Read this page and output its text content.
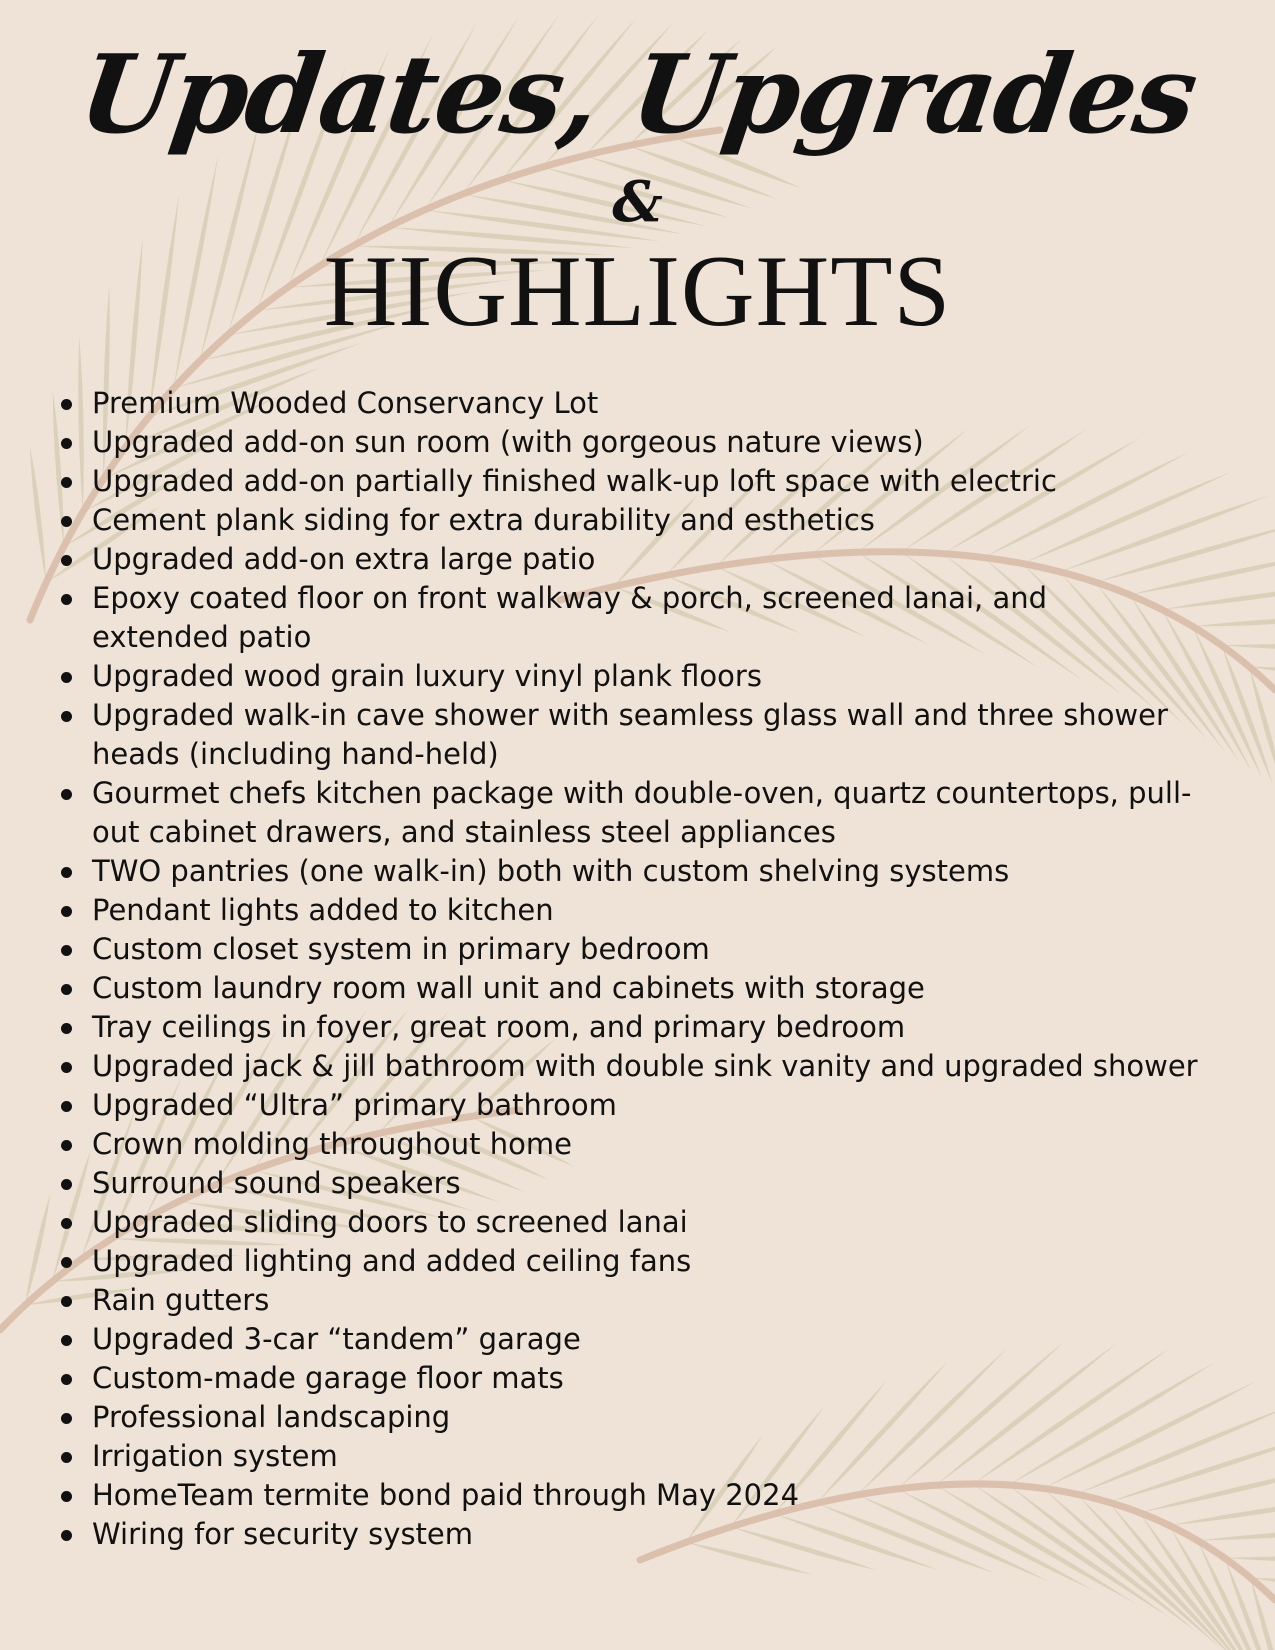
Updates, Upgrades
&
HIGHLIGHTS
Premium Wooded Conservancy Lot
Upgraded add-on sun room (with gorgeous nature views)
Upgraded add-on partially finished walk-up loft space with electric
Cement plank siding for extra durability and esthetics
Upgraded add-on extra large patio
Epoxy coated floor on front walkway & porch, screened lanai, and extended patio
Upgraded wood grain luxury vinyl plank floors
Upgraded walk-in cave shower with seamless glass wall and three shower heads (including hand-held)
Gourmet chefs kitchen package with double-oven, quartz countertops, pull-out cabinet drawers, and stainless steel appliances
TWO pantries (one walk-in) both with custom shelving systems
Pendant lights added to kitchen
Custom closet system in primary bedroom
Custom laundry room wall unit and cabinets with storage
Tray ceilings in foyer, great room, and primary bedroom
Upgraded jack & jill bathroom with double sink vanity and upgraded shower
Upgraded “Ultra” primary bathroom
Crown molding throughout home
Surround sound speakers
Upgraded sliding doors to screened lanai
Upgraded lighting and added ceiling fans
Rain gutters
Upgraded 3-car “tandem” garage
Custom-made garage floor mats
Professional landscaping
Irrigation system
HomeTeam termite bond paid through May 2024
Wiring for security system
